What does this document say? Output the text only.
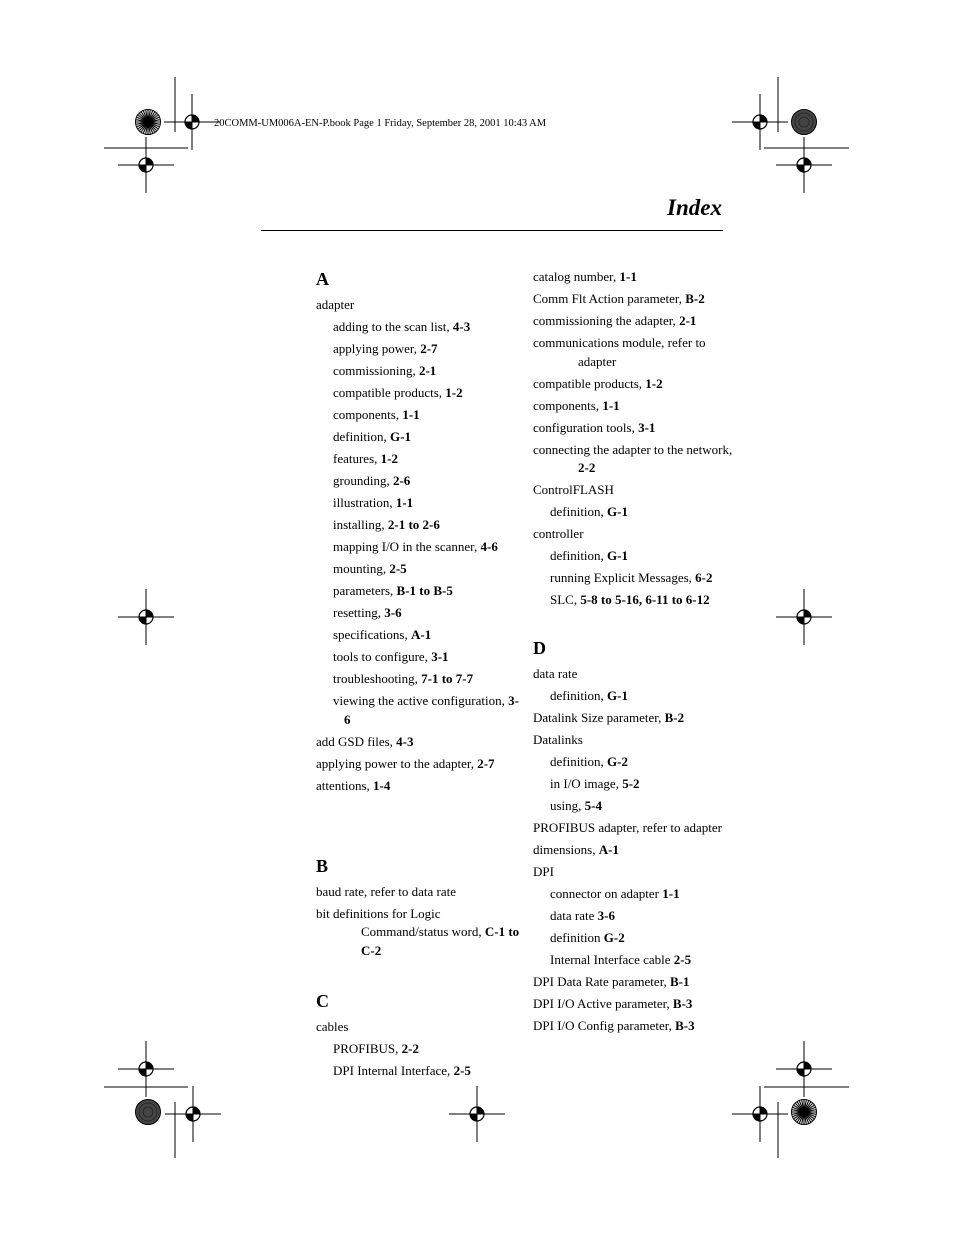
20COMM-UM006A-EN-P.book Page 1 Friday, September 28, 2001 10:43 AM
Index
A
adapter
adding to the scan list, 4-3
applying power, 2-7
commissioning, 2-1
compatible products, 1-2
components, 1-1
definition, G-1
features, 1-2
grounding, 2-6
illustration, 1-1
installing, 2-1 to 2-6
mapping I/O in the scanner, 4-6
mounting, 2-5
parameters, B-1 to B-5
resetting, 3-6
specifications, A-1
tools to configure, 3-1
troubleshooting, 7-1 to 7-7
viewing the active configuration, 3-6
add GSD files, 4-3
applying power to the adapter, 2-7
attentions, 1-4
B
baud rate, refer to data rate
bit definitions for Logic Command/status word, C-1 to C-2
C
cables
PROFIBUS, 2-2
DPI Internal Interface, 2-5
catalog number, 1-1
Comm Flt Action parameter, B-2
commissioning the adapter, 2-1
communications module, refer to adapter
compatible products, 1-2
components, 1-1
configuration tools, 3-1
connecting the adapter to the network, 2-2
ControlFLASH
definition, G-1
controller
definition, G-1
running Explicit Messages, 6-2
SLC, 5-8 to 5-16, 6-11 to 6-12
D
data rate
definition, G-1
Datalink Size parameter, B-2
Datalinks
definition, G-2
in I/O image, 5-2
using, 5-4
PROFIBUS adapter, refer to adapter
dimensions, A-1
DPI
connector on adapter 1-1
data rate 3-6
definition G-2
Internal Interface cable 2-5
DPI Data Rate parameter, B-1
DPI I/O Active parameter, B-3
DPI I/O Config parameter, B-3
